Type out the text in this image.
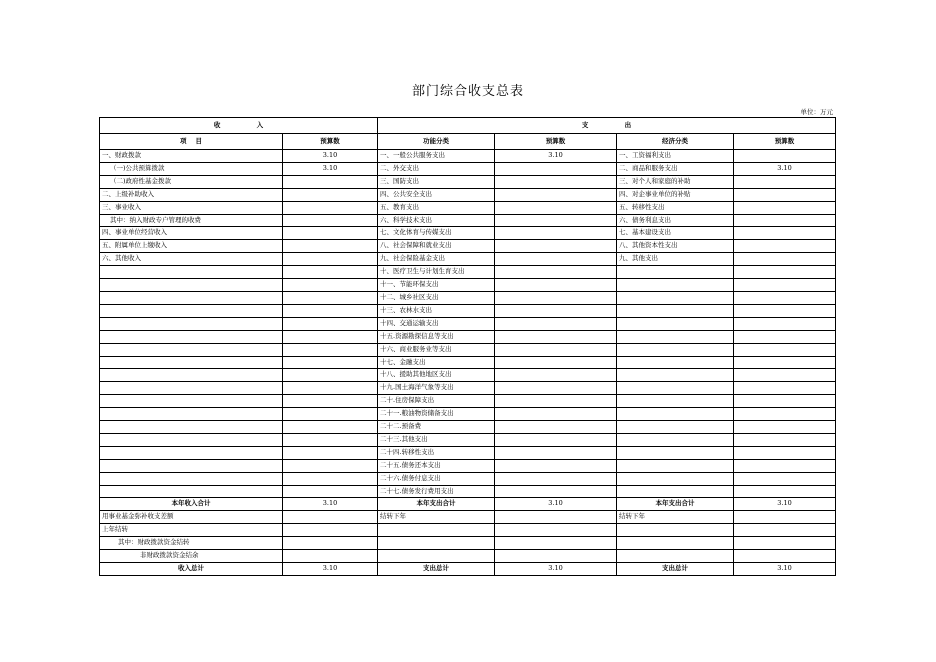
部门综合收支总表
单位：万元
收                入		支                出			
项    目	预算数	功能分类	预算数	经济分类	预算数
一、财政拨款	3.10	一、一般公共服务支出	3.10	一、工资福利支出	
（一)公共预算拨款	3.10	二、外交支出		二、商品和服务支出	3.10
（二)政府性基金拨款		三、国防支出		三、对个人和家庭的补助	
二、上级补助收入		四、公共安全支出		四、对企事业单位的补贴	
三、事业收入		五、教育支出		五、转移性支出	
其中：纳入财政专户管理的收费		六、科学技术支出		六、债务利息支出	
四、事业单位经营收入		七、文化体育与传媒支出		七、基本建设支出	
五、附属单位上缴收入		八、社会保障和就业支出		八、其他资本性支出	
六、其他收入		九、社会保险基金支出		九、其他支出	
		十、医疗卫生与计划生育支出			
		十一、节能环保支出			
		十二、城乡社区支出			
		十三、农林水支出			
		十四、交通运输支出			
		十五.资源勘探信息等支出			
		十六、商业服务业等支出			
		十七、金融支出			
		十八、援助其他地区支出			
		十九.国土海洋气象等支出			
		二十.住房保障支出			
		二十一.粮油物资储备支出			
		二十二.预备费			
		二十三.其他支出			
		二十四.转移性支出			
		二十五.债务还本支出			
		二十六.债务付息支出			
		二十七.债务发行费用支出			
本年收入合计	3.10	本年支出合计	3.10	本年支出合计	3.10
用事业基金弥补收支差额		结转下年		结转下年	
上年结转					
其中：财政拨款资金结转					
非财政拨款资金结余					
收入总计	3.10	支出总计	3.10	支出总计	3.10
